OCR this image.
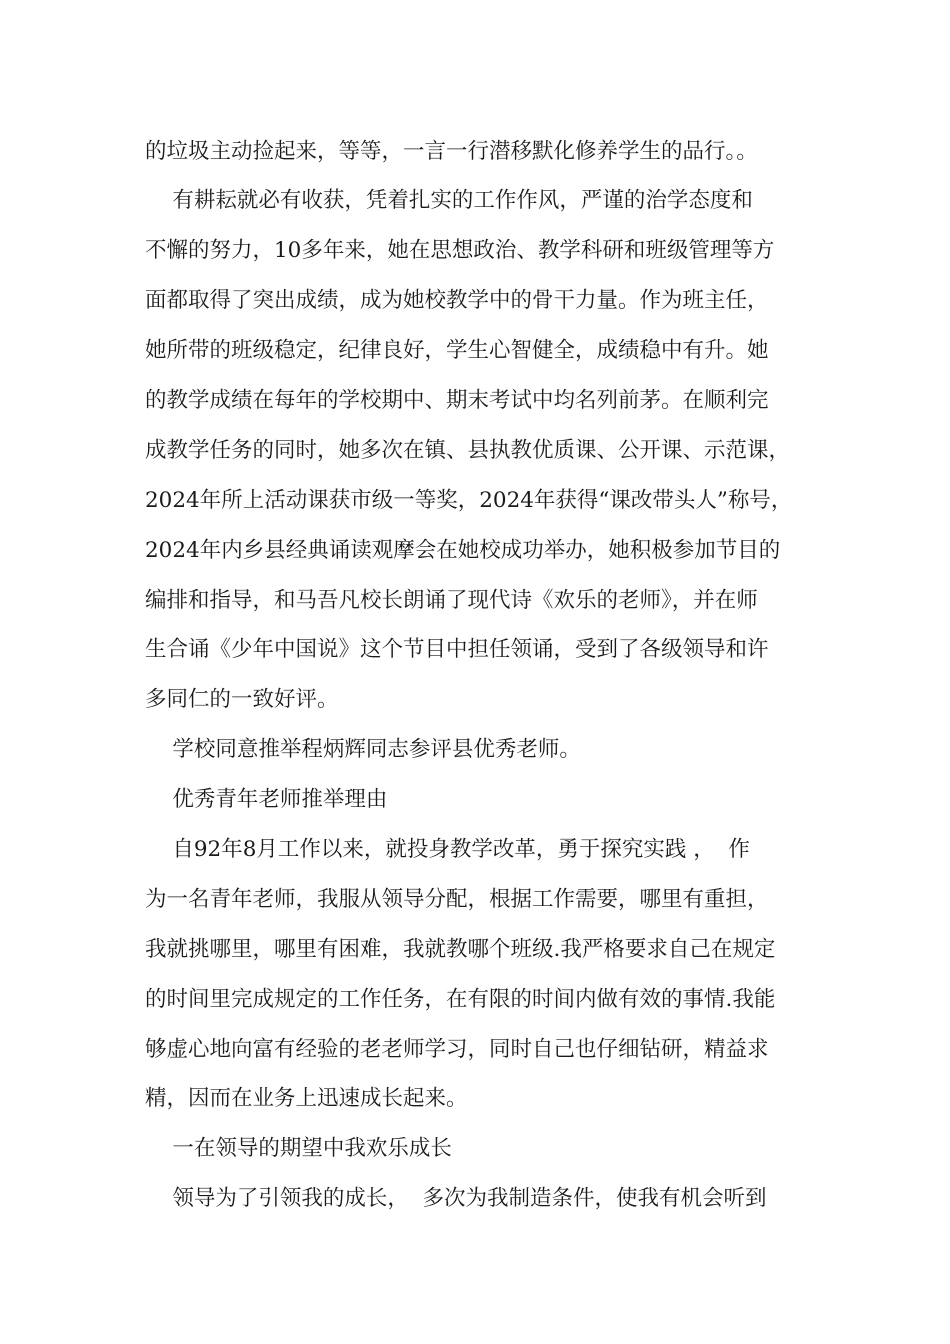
的垃圾主动捡起来，等等，一言一行潜移默化修养学生的品行。。
有耕耘就必有收获，凭着扎实的工作作风，严谨的治学态度和
不懈的努力，10多年来，她在思想政治、教学科研和班级管理等方
面都取得了突出成绩，成为她校教学中的骨干力量。作为班主任，
她所带的班级稳定，纪律良好，学生心智健全，成绩稳中有升。她
的教学成绩在每年的学校期中、期末考试中均名列前茅。在顺利完
成教学任务的同时，她多次在镇、县执教优质课、公开课、示范课，
2024年所上活动课获市级一等奖，2024年获得“课改带头人”称号，
2024年内乡县经典诵读观摩会在她校成功举办，她积极参加节目的
编排和指导，和马吾凡校长朗诵了现代诗《欢乐的老师》，并在师
生合诵《少年中国说》这个节目中担任领诵，受到了各级领导和许
多同仁的一致好评。
学校同意推举程炳辉同志参评县优秀老师。
优秀青年老师推举理由
自92年8月工作以来，就投身教学改革，勇于探究实践 ，  作
为一名青年老师，我服从领导分配，根据工作需要，哪里有重担，
我就挑哪里，哪里有困难，我就教哪个班级.我严格要求自己在规定
的时间里完成规定的工作任务，在有限的时间内做有效的事情.我能
够虚心地向富有经验的老老师学习，同时自己也仔细钻研，精益求
精，因而在业务上迅速成长起来。
一在领导的期望中我欢乐成长
领导为了引领我的成长，  多次为我制造条件，使我有机会听到
